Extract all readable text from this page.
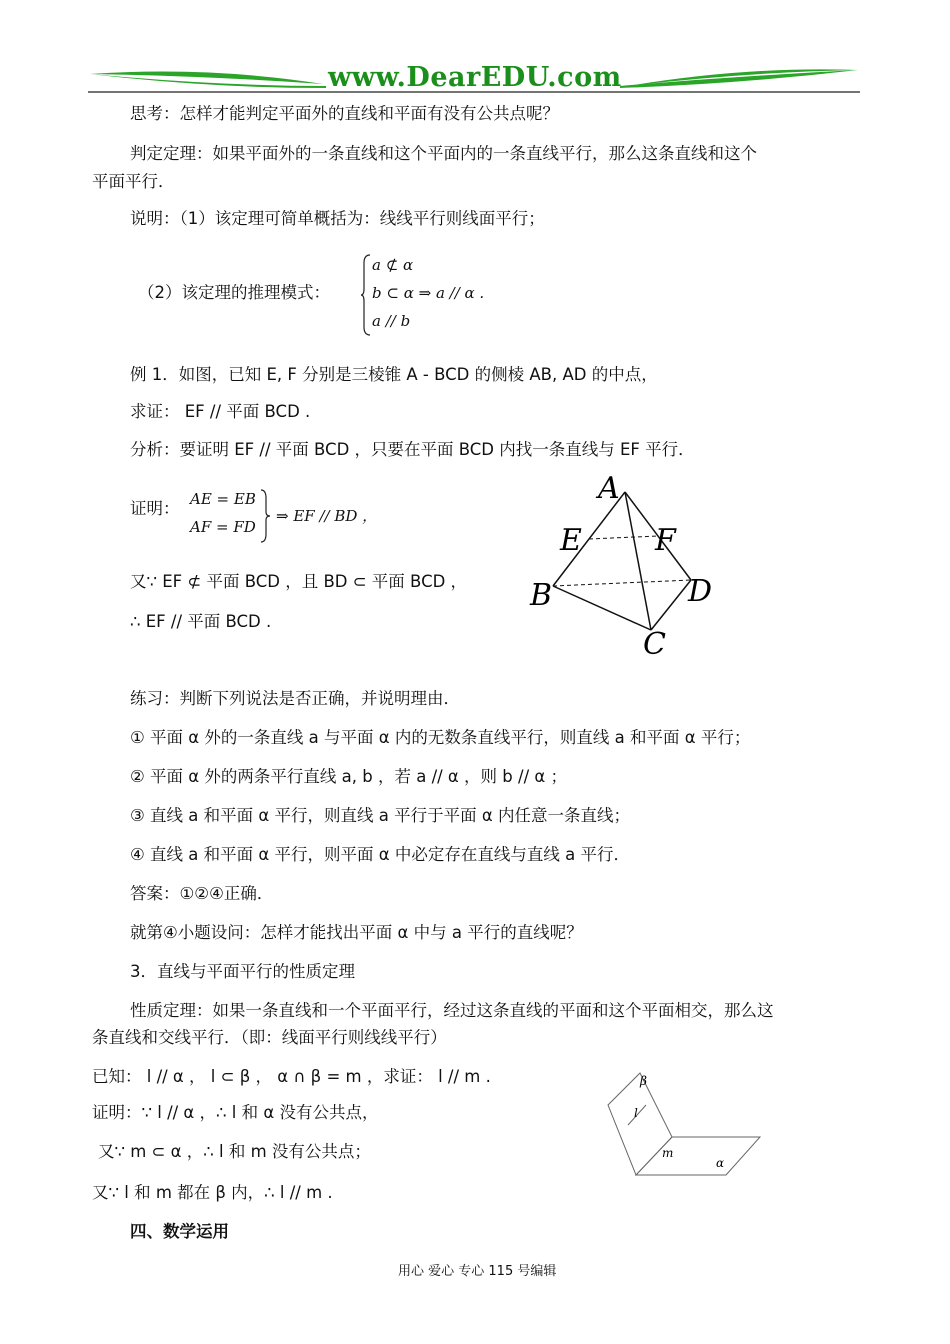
www.DearEDU.com
思考：怎样才能判定平面外的直线和平面有没有公共点呢？
判定定理：如果平面外的一条直线和这个平面内的一条直线平行，那么这条直线和这个
平面平行．
说明：（1）该定理可简单概括为：线线平行则线面平行；
（2）该定理的推理模式：
a ⊄ α
b ⊂ α ⇒ a // α .
a // b
例 1．如图，已知 E, F 分别是三棱锥 A - BCD 的侧棱 AB, AD 的中点，
求证： EF // 平面 BCD .
分析：要证明 EF // 平面 BCD ，只要在平面 BCD 内找一条直线与 EF 平行．
证明： AE = EB
AF = FD
⇒ EF // BD ，
又∵ EF ⊄ 平面 BCD ，且 BD ⊂ 平面 BCD ，
∴ EF // 平面 BCD .
A
E F
B	D
C
练习：判断下列说法是否正确，并说明理由．
① 平面 α 外的一条直线 a 与平面 α 内的无数条直线平行，则直线 a 和平面 α 平行；
② 平面 α 外的两条平行直线 a, b ，若 a // α ，则 b // α ；
③ 直线 a 和平面 α 平行，则直线 a 平行于平面 α 内任意一条直线；
④ 直线 a 和平面 α 平行，则平面 α 中必定存在直线与直线 a 平行．
答案：①②④正确．
就第④小题设问：怎样才能找出平面 α 中与 a 平行的直线呢？
3．直线与平面平行的性质定理
性质定理：如果一条直线和一个平面平行，经过这条直线的平面和这个平面相交，那么这
条直线和交线平行．（即：线面平行则线线平行）
已知： l // α ， l ⊂ β ， α ∩ β = m ，求证： l // m .
证明：∵ l // α ，∴ l 和 α 没有公共点，
又∵ m ⊂ α ，∴ l 和 m 没有公共点；
又∵ l 和 m 都在 β 内，∴ l // m .
四、数学运用
β
l
m
α
用心 爱心 专心 115 号编辑
